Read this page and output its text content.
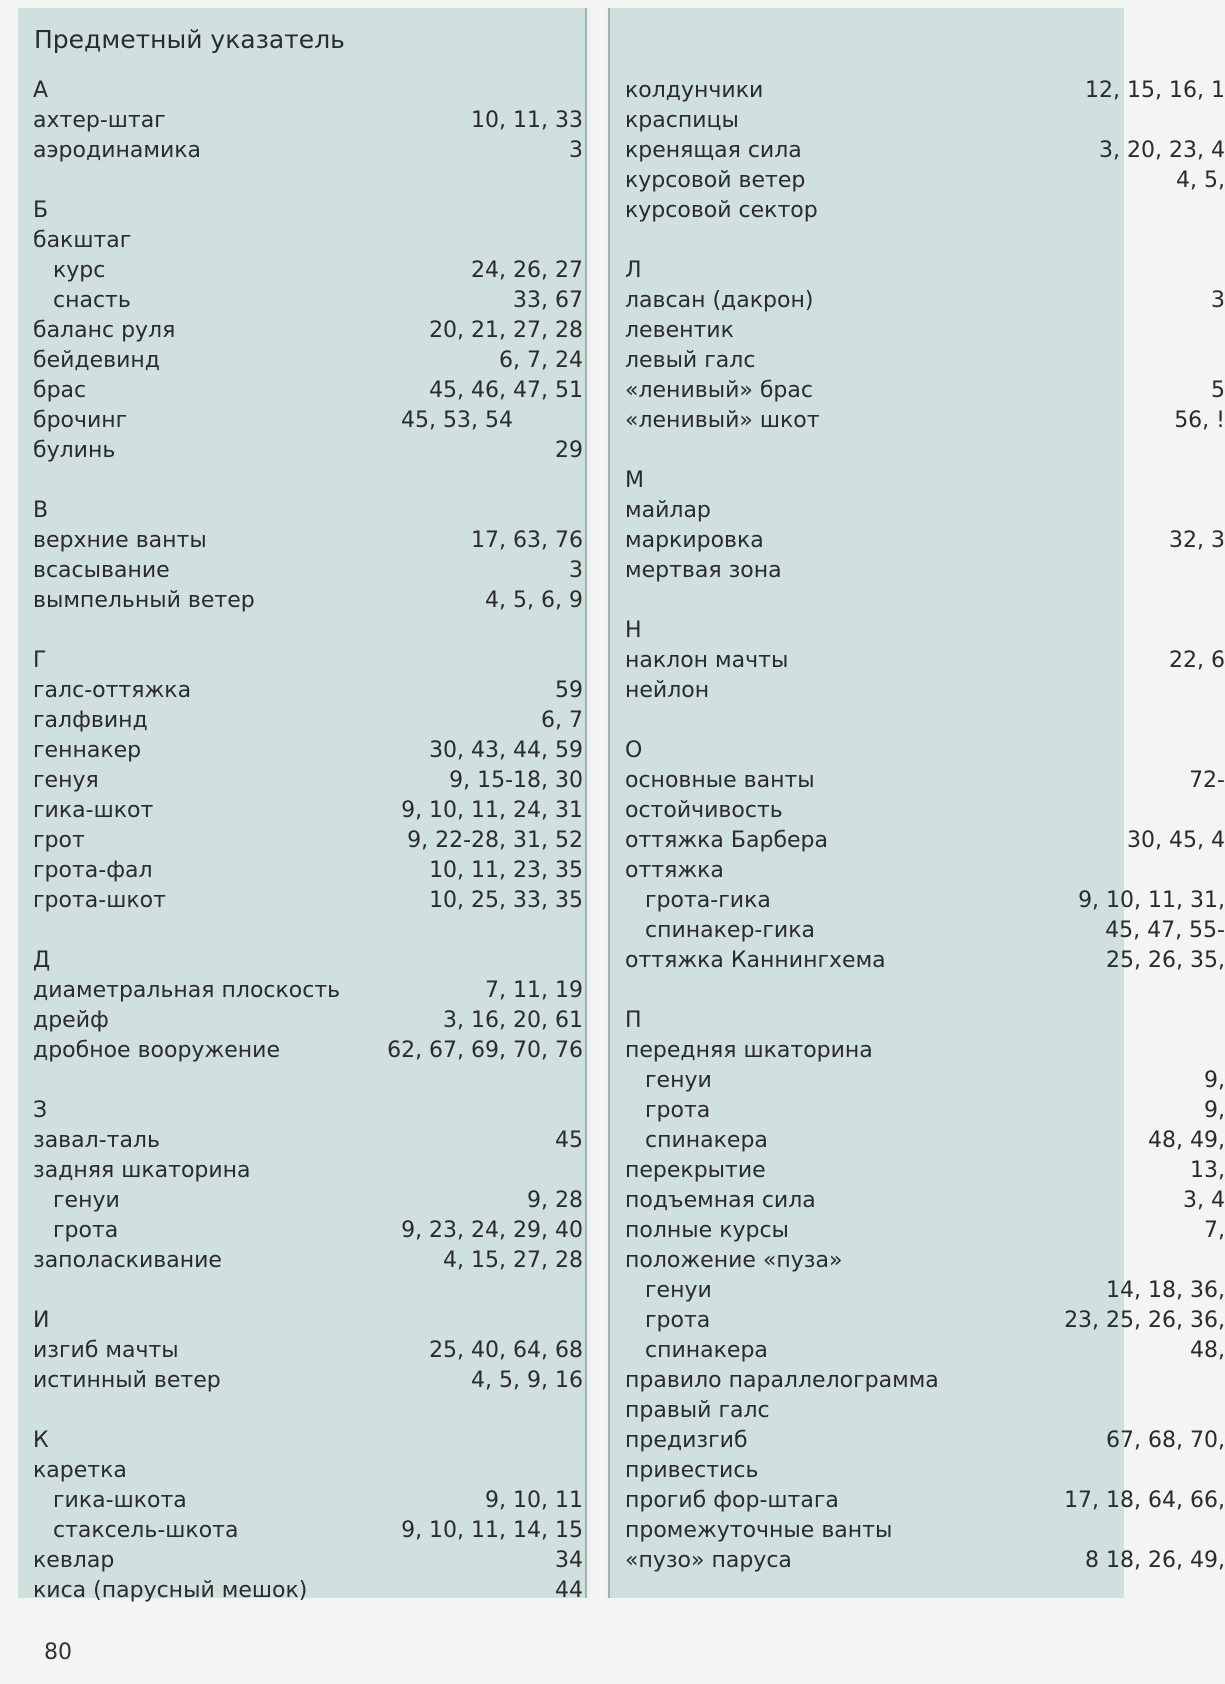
Предметный указатель
А
ахтер-штаг	10, 11, 33
аэродинамика	3
Б
бакштаг
курс	24, 26, 27
снасть	33, 67
баланс руля	20, 21, 27, 28
бейдевинд	6, 7, 24
брас	45, 46, 47, 51
брочинг	45, 53, 54
булинь	29
В
верхние ванты	17, 63, 76
всасывание	3
вымпельный ветер	4, 5, 6, 9
Г
галс-оттяжка	59
галфвинд	6, 7
геннакер	30, 43, 44, 59
генуя	9, 15-18, 30
гика-шкот	9, 10, 11, 24, 31
грот	9, 22-28, 31, 52
грота-фал	10, 11, 23, 35
грота-шкот	10, 25, 33, 35
Д
диаметральная плоскость	7, 11, 19
дрейф	3, 16, 20, 61
дробное вооружение	62, 67, 69, 70, 76
З
завал-таль	45
задняя шкаторина
генуи	9, 28
грота	9, 23, 24, 29, 40
заполаскивание	4, 15, 27, 28
И
изгиб мачты	25, 40, 64, 68
истинный ветер	4, 5, 9, 16
К
каретка
гика-шкота	9, 10, 11
стаксель-шкота	9, 10, 11, 14, 15
кевлар	34
киса (парусный мешок)	44
колдунчики	12, 15, 16, 1
краспицы
кренящая сила	3, 20, 23, 4
курсовой ветер	4, 5,
курсовой сектор
Л
лавсан (дакрон)	3
левентик
левый галс
«ленивый» брас	5
«ленивый» шкот	56, !
М
майлар
маркировка	32, 3
мертвая зона
Н
наклон мачты	22, 6
нейлон
О
основные ванты	72-
остойчивость
оттяжка Барбера	30, 45, 4
оттяжка
грота-гика	9, 10, 11, 31,
спинакер-гика	45, 47, 55-
оттяжка Каннингхема	25, 26, 35,
П
передняя шкаторина
генуи	9,
грота	9,
спинакера	48, 49,
перекрытие	13,
подъемная сила	3, 4
полные курсы	7,
положение «пуза»
генуи	14, 18, 36,
грота	23, 25, 26, 36,
спинакера	48,
правило параллелограмма
правый галс
предизгиб	67, 68, 70,
привестись
прогиб фор-штага	17, 18, 64, 66,
промежуточные ванты
«пузо» паруса	8 18, 26, 49,
80
